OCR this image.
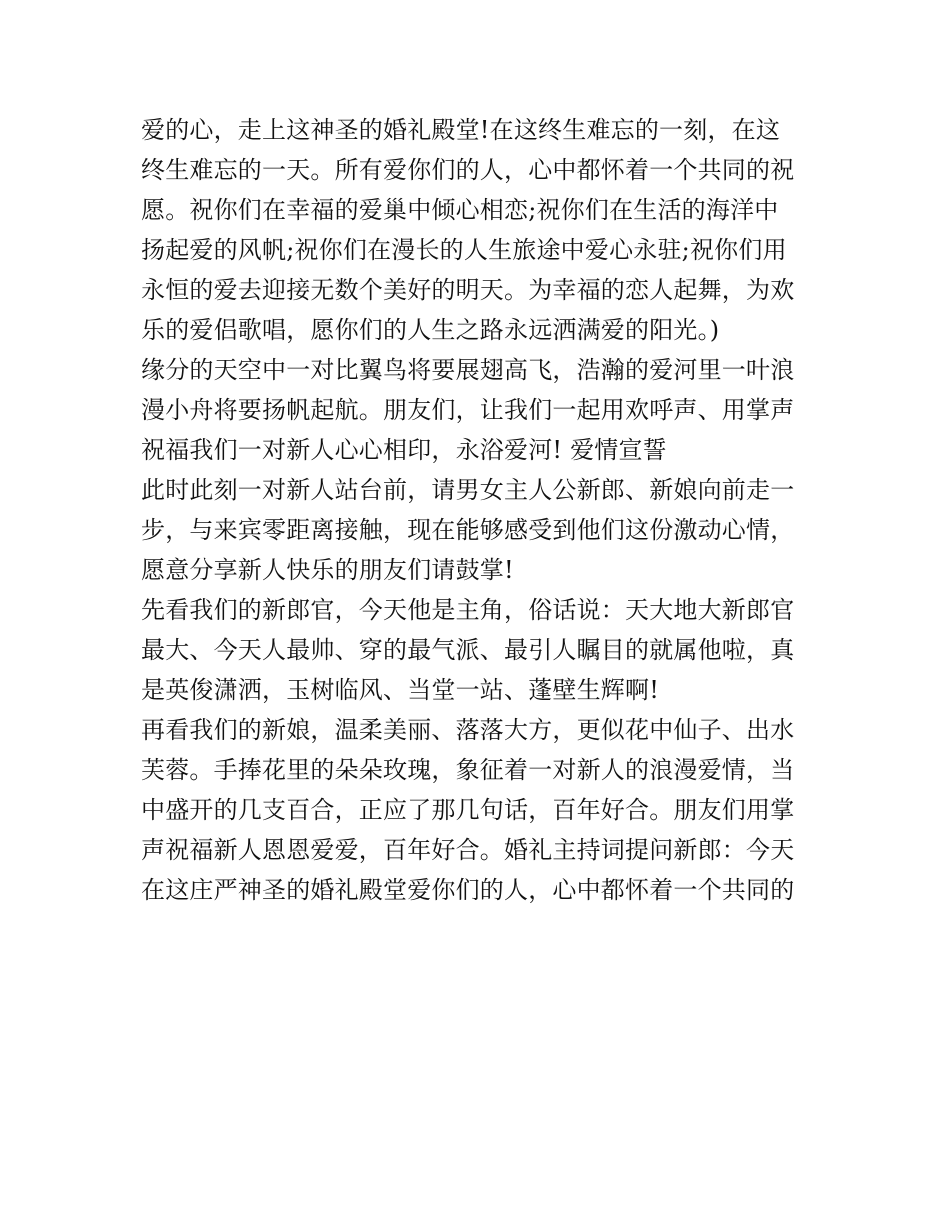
爱的心，走上这神圣的婚礼殿堂!在这终生难忘的一刻，在这
终生难忘的一天。所有爱你们的人，心中都怀着一个共同的祝
愿。祝你们在幸福的爱巢中倾心相恋;祝你们在生活的海洋中
扬起爱的风帆;祝你们在漫长的人生旅途中爱心永驻;祝你们用
永恒的爱去迎接无数个美好的明天。为幸福的恋人起舞，为欢
乐的爱侣歌唱，愿你们的人生之路永远洒满爱的阳光。)
缘分的天空中一对比翼鸟将要展翅高飞，浩瀚的爱河里一叶浪
漫小舟将要扬帆起航。朋友们，让我们一起用欢呼声、用掌声
祝福我们一对新人心心相印，永浴爱河! 爱情宣誓
此时此刻一对新人站台前，请男女主人公新郎、新娘向前走一
步，与来宾零距离接触，现在能够感受到他们这份激动心情，
愿意分享新人快乐的朋友们请鼓掌!
先看我们的新郎官，今天他是主角，俗话说：天大地大新郎官
最大、今天人最帅、穿的最气派、最引人瞩目的就属他啦，真
是英俊潇洒，玉树临风、当堂一站、蓬壁生辉啊!
再看我们的新娘，温柔美丽、落落大方，更似花中仙子、出水
芙蓉。手捧花里的朵朵玫瑰，象征着一对新人的浪漫爱情，当
中盛开的几支百合，正应了那几句话，百年好合。朋友们用掌
声祝福新人恩恩爱爱，百年好合。婚礼主持词提问新郎：今天
在这庄严神圣的婚礼殿堂爱你们的人，心中都怀着一个共同的
